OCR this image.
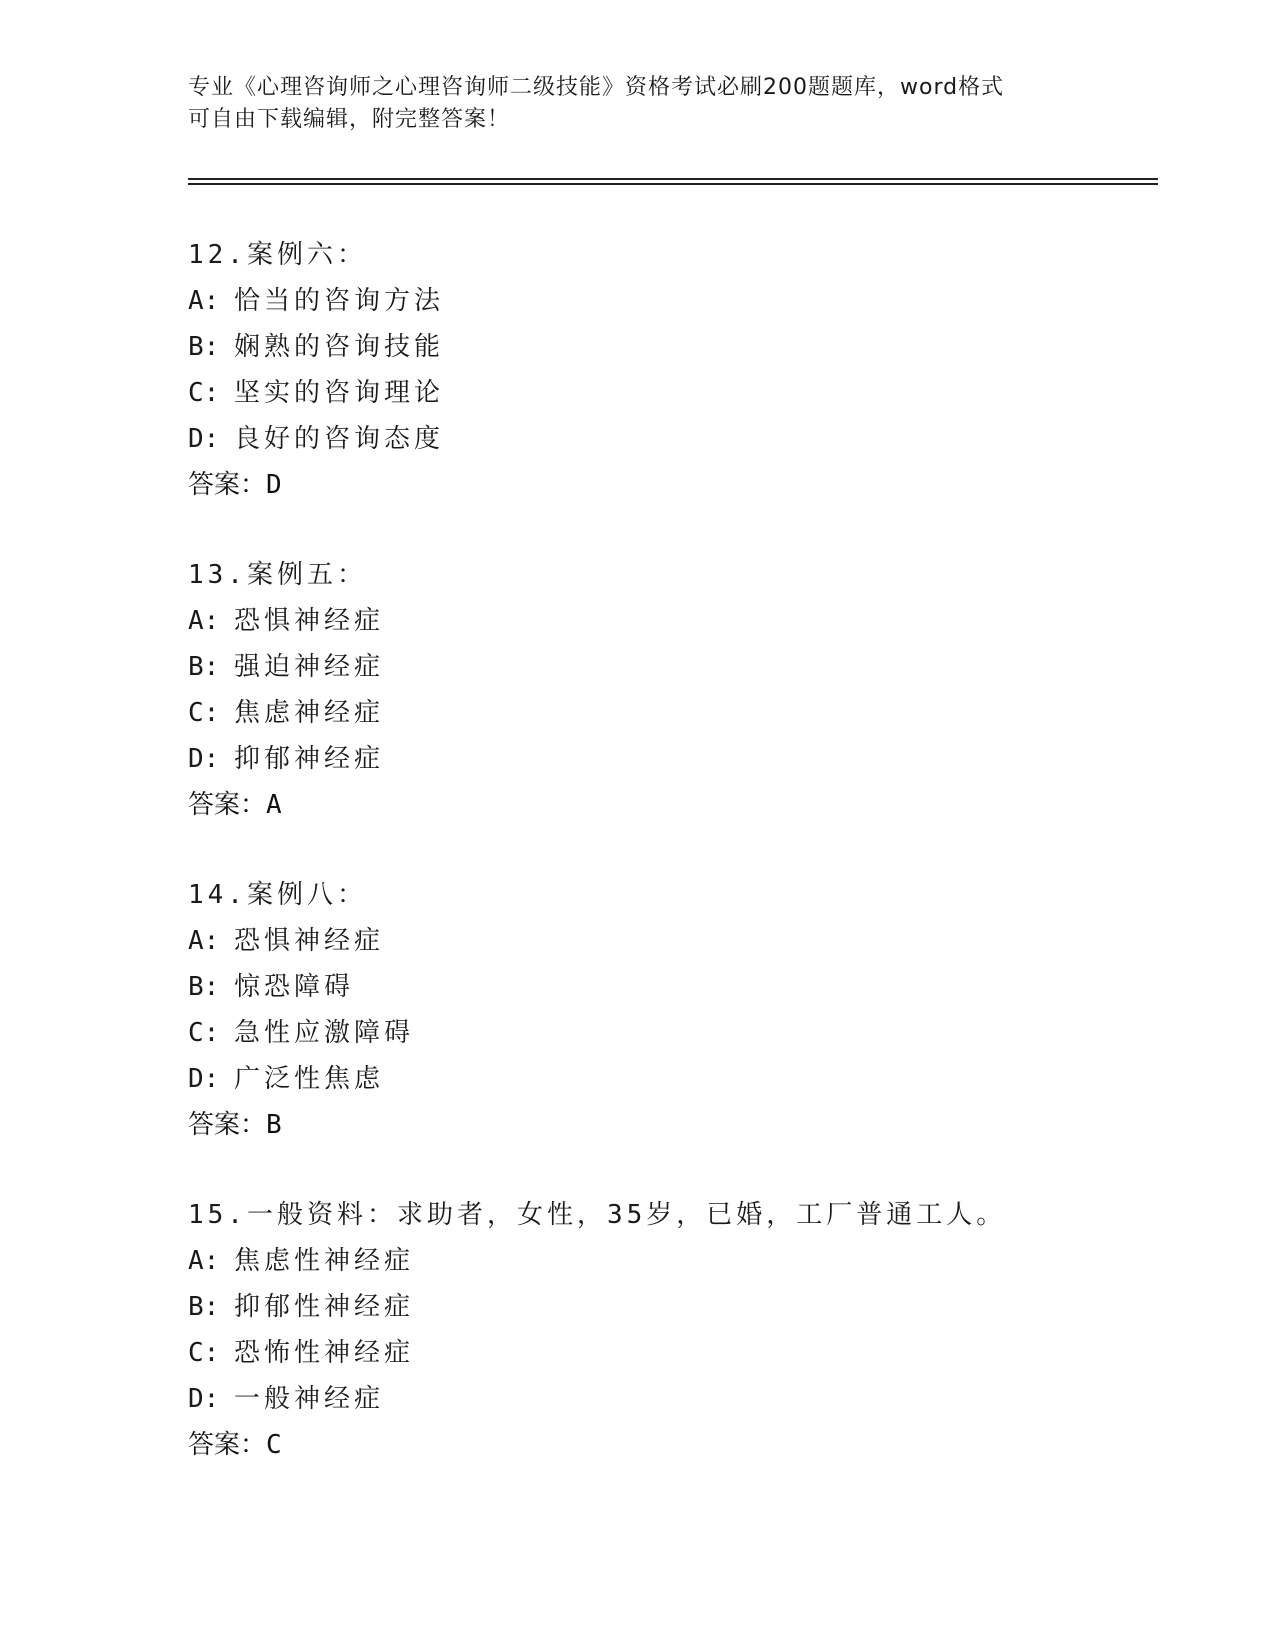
专业《心理咨询师之心理咨询师二级技能》资格考试必刷200题题库，word格式
可自由下载编辑，附完整答案！
12.案例六：
A: 恰当的咨询方法
B: 娴熟的咨询技能
C: 坚实的咨询理论
D: 良好的咨询态度
答案：D
13.案例五：
A: 恐惧神经症
B: 强迫神经症
C: 焦虑神经症
D: 抑郁神经症
答案：A
14.案例八：
A: 恐惧神经症
B: 惊恐障碍
C: 急性应激障碍
D: 广泛性焦虑
答案：B
15.一般资料：求助者，女性，35岁，已婚，工厂普通工人。
A: 焦虑性神经症
B: 抑郁性神经症
C: 恐怖性神经症
D: 一般神经症
答案：C
